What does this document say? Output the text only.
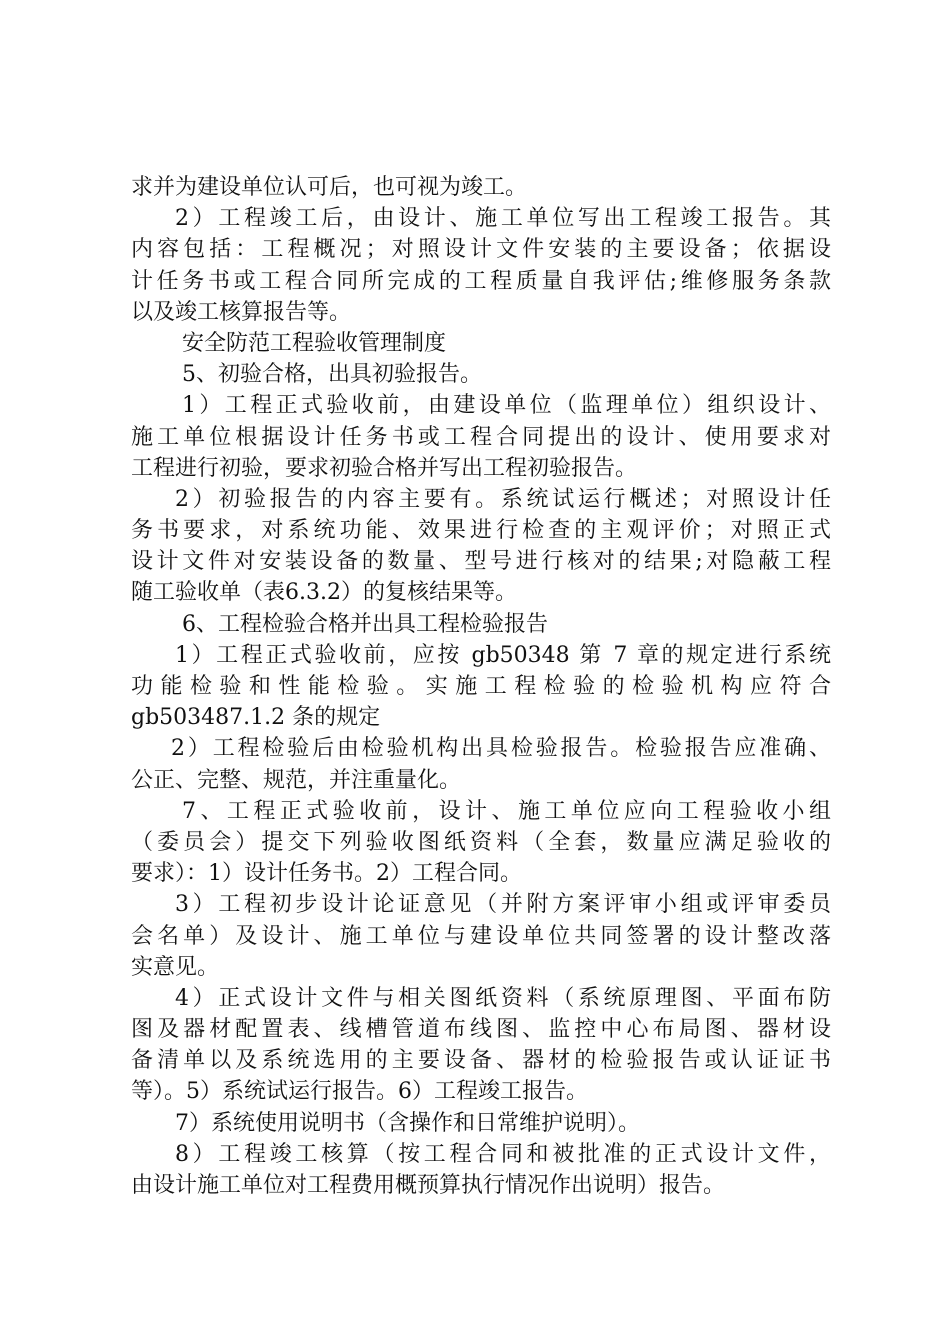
求并为建设单位认可后，也可视为竣工。
2）工程竣工后，由设计、施工单位写出工程竣工报告。其
内容包括：工程概况；对照设计文件安装的主要设备；依据设
计任务书或工程合同所完成的工程质量自我评估;维修服务条款
以及竣工核算报告等。
安全防范工程验收管理制度
5、初验合格，出具初验报告。
1）工程正式验收前，由建设单位（监理单位）组织设计、
施工单位根据设计任务书或工程合同提出的设计、使用要求对
工程进行初验，要求初验合格并写出工程初验报告。
2）初验报告的内容主要有。系统试运行概述；对照设计任
务书要求，对系统功能、效果进行检查的主观评价；对照正式
设计文件对安装设备的数量、型号进行核对的结果;对隐蔽工程
随工验收单（表6.3.2）的复核结果等。
6、工程检验合格并出具工程检验报告
1）工程正式验收前，应按 gb50348 第 7 章的规定进行系统
功能检验和性能检验。实施工程检验的检验机构应符合
gb503487.1.2 条的规定
2）工程检验后由检验机构出具检验报告。检验报告应准确、
公正、完整、规范，并注重量化。
7、工程正式验收前，设计、施工单位应向工程验收小组
（委员会）提交下列验收图纸资料（全套，数量应满足验收的
要求）：1）设计任务书。2）工程合同。
3）工程初步设计论证意见（并附方案评审小组或评审委员
会名单）及设计、施工单位与建设单位共同签署的设计整改落
实意见。
4）正式设计文件与相关图纸资料（系统原理图、平面布防
图及器材配置表、线槽管道布线图、监控中心布局图、器材设
备清单以及系统选用的主要设备、器材的检验报告或认证证书
等）。5）系统试运行报告。6）工程竣工报告。
7）系统使用说明书（含操作和日常维护说明）。
8）工程竣工核算（按工程合同和被批准的正式设计文件，
由设计施工单位对工程费用概预算执行情况作出说明）报告。
